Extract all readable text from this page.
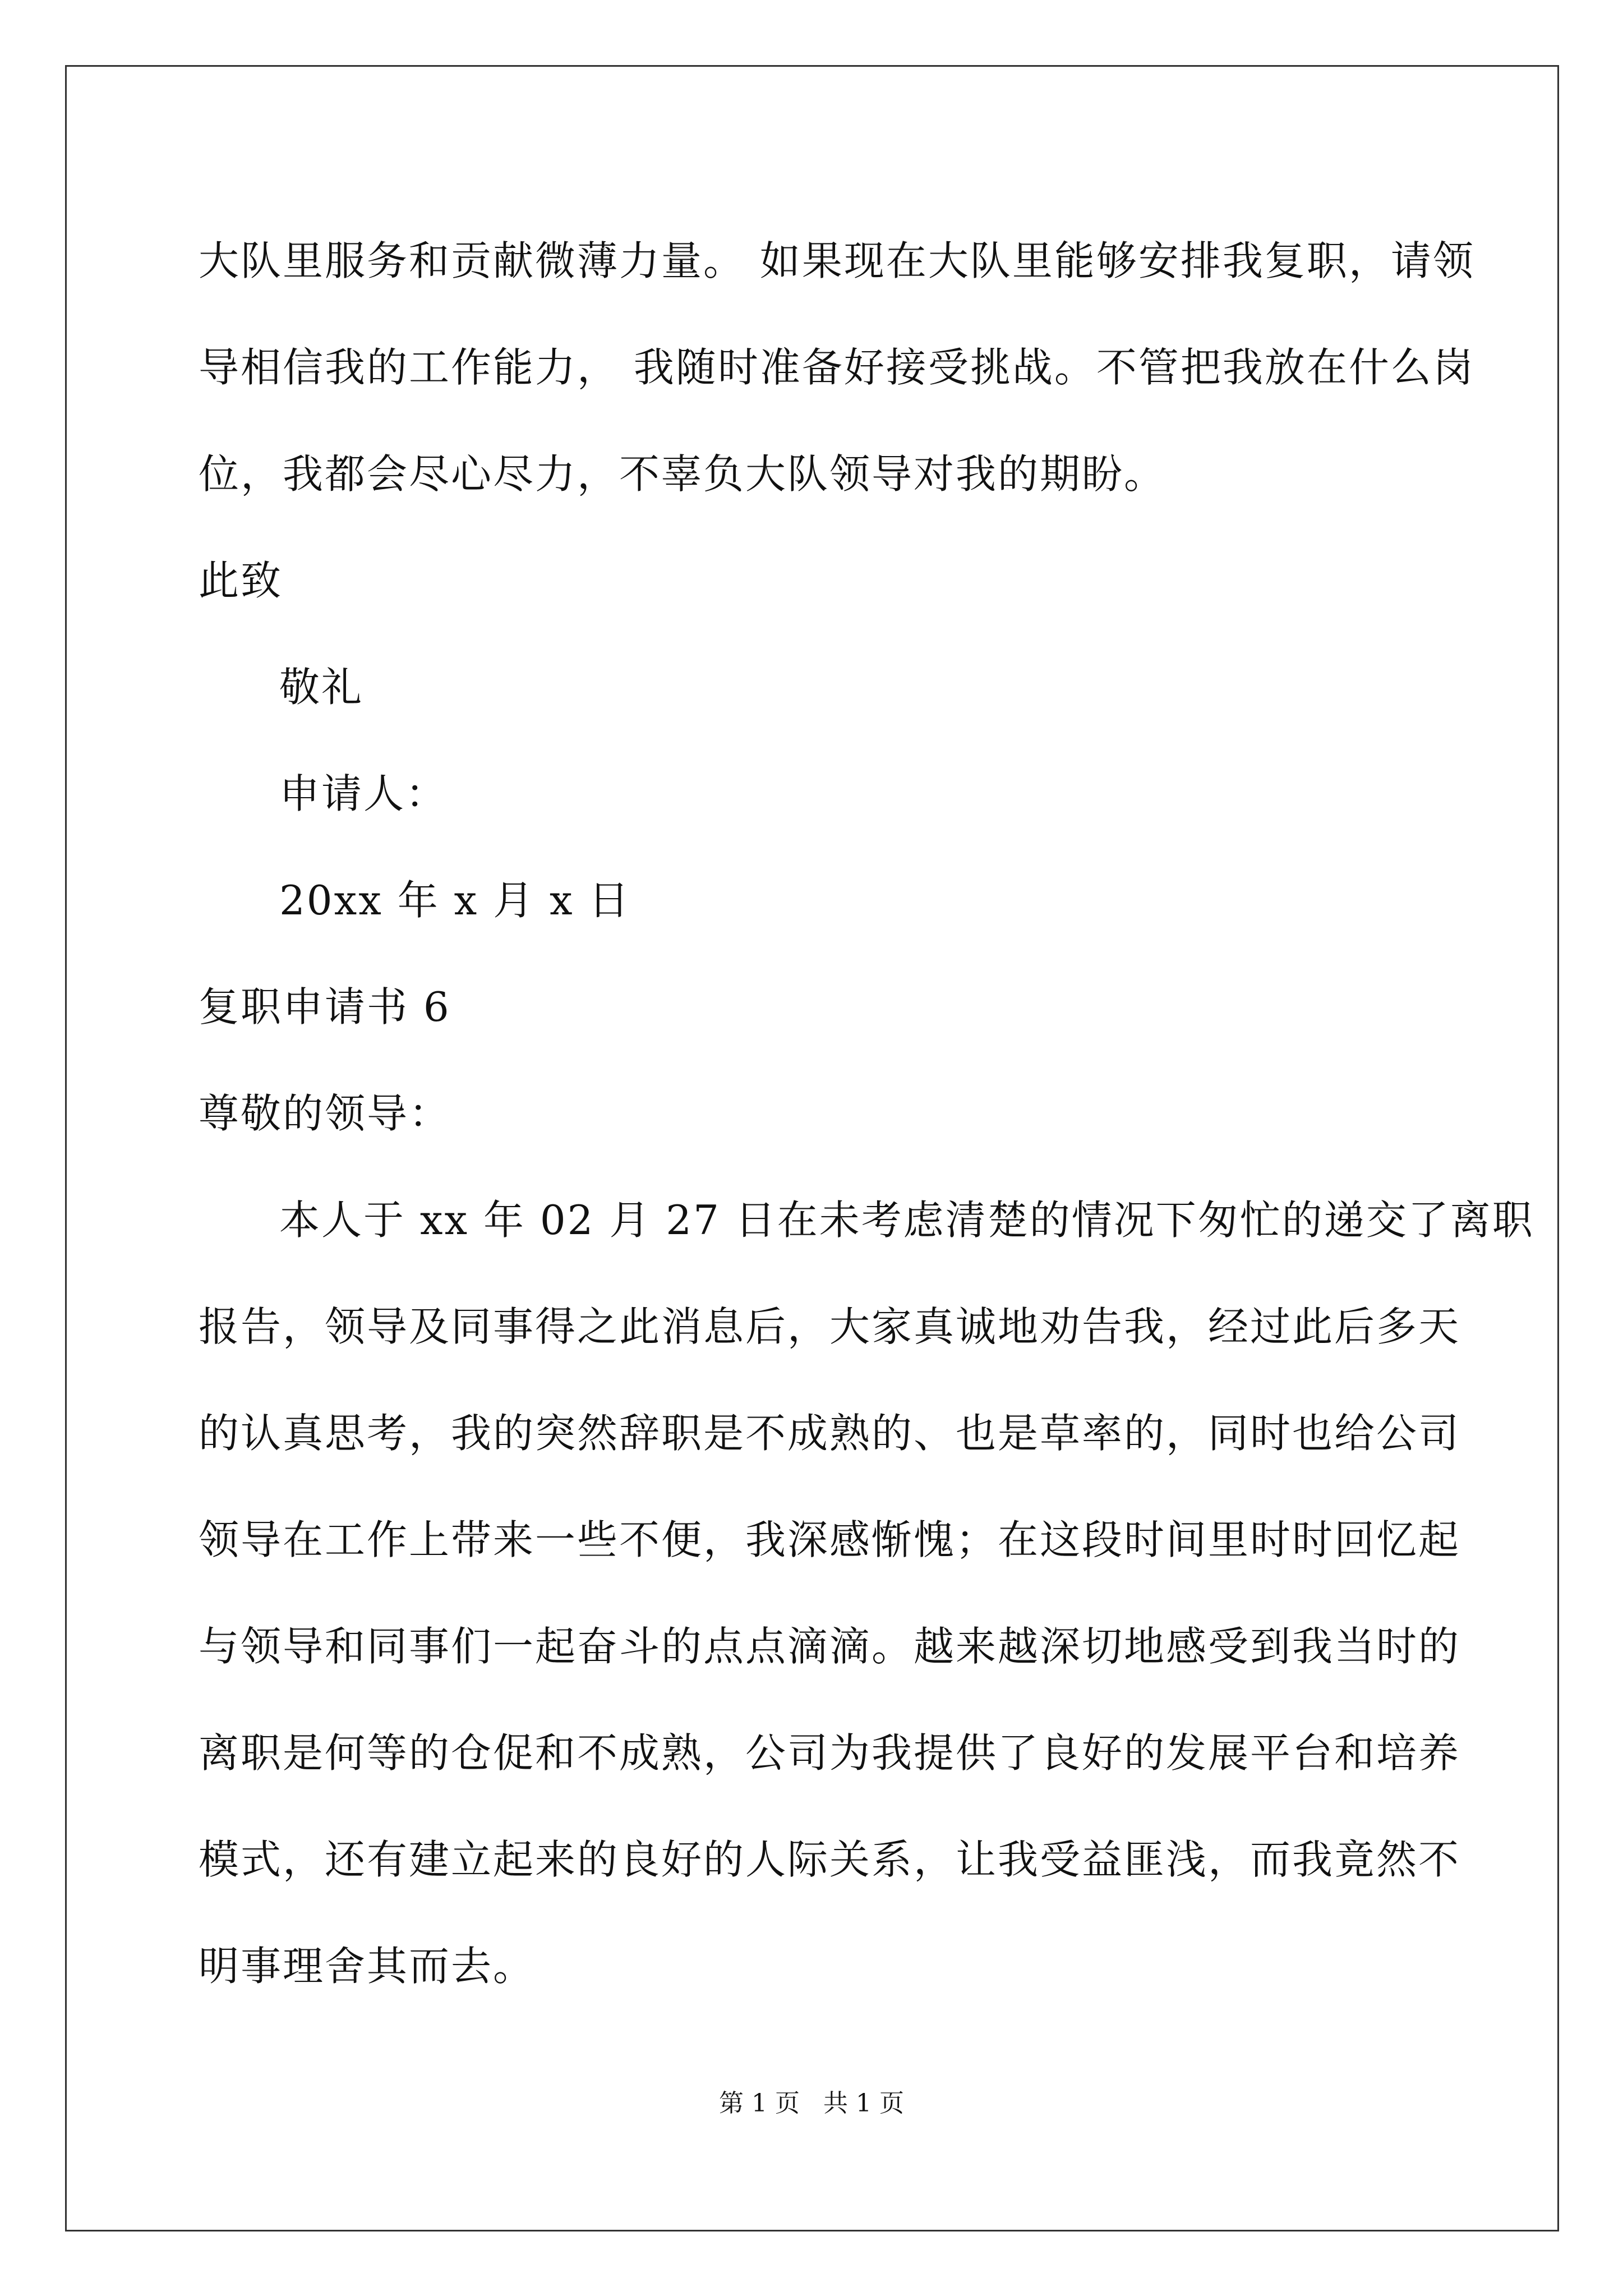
大队里服务和贡献微薄力量。 如果现在大队里能够安排我复职，请领
导相信我的工作能力， 我随时准备好接受挑战。不管把我放在什么岗
位，我都会尽心尽力，不辜负大队领导对我的期盼。
此致
敬礼
申请人：
20xx 年 x 月 x 日
复职申请书 6
尊敬的领导：
本人于 xx 年 02 月 27 日在未考虑清楚的情况下匆忙的递交了离职
报告，领导及同事得之此消息后，大家真诚地劝告我，经过此后多天
的认真思考，我的突然辞职是不成熟的、也是草率的，同时也给公司
领导在工作上带来一些不便，我深感惭愧；在这段时间里时时回忆起
与领导和同事们一起奋斗的点点滴滴。越来越深切地感受到我当时的
离职是何等的仓促和不成熟，公司为我提供了良好的发展平台和培养
模式，还有建立起来的良好的人际关系，让我受益匪浅，而我竟然不
明事理舍其而去。
第 1 页   共 1 页
